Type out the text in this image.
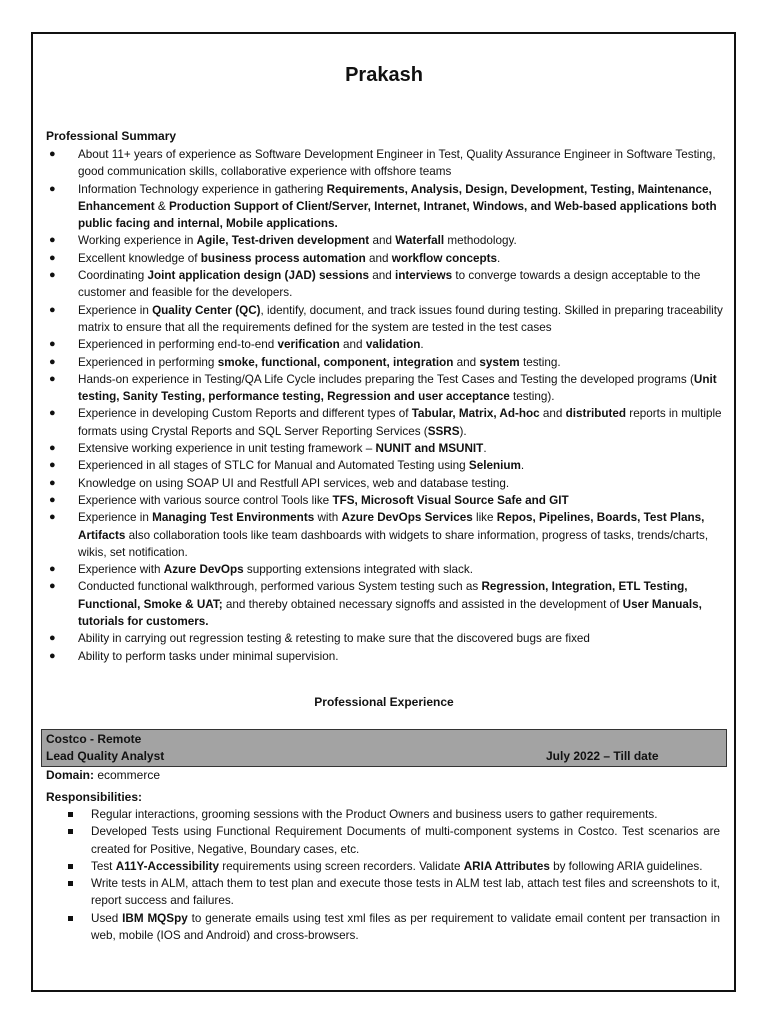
Prakash
Professional Summary
● About 11+ years of experience as Software Development Engineer in Test, Quality Assurance Engineer in Software Testing, good communication skills, collaborative experience with offshore teams
● Information Technology experience in gathering Requirements, Analysis, Design, Development, Testing, Maintenance, Enhancement & Production Support of Client/Server, Internet, Intranet, Windows, and Web-based applications both public facing and internal, Mobile applications.
● Working experience in Agile, Test-driven development and Waterfall methodology.
● Excellent knowledge of business process automation and workflow concepts.
● Coordinating Joint application design (JAD) sessions and interviews to converge towards a design acceptable to the customer and feasible for the developers.
● Experience in Quality Center (QC), identify, document, and track issues found during testing. Skilled in preparing traceability matrix to ensure that all the requirements defined for the system are tested in the test cases
● Experienced in performing end-to-end verification and validation.
● Experienced in performing smoke, functional, component, integration and system testing.
● Hands-on experience in Testing/QA Life Cycle includes preparing the Test Cases and Testing the developed programs (Unit testing, Sanity Testing, performance testing, Regression and user acceptance testing).
● Experience in developing Custom Reports and different types of Tabular, Matrix, Ad-hoc and distributed reports in multiple formats using Crystal Reports and SQL Server Reporting Services (SSRS).
● Extensive working experience in unit testing framework – NUNIT and MSUNIT.
● Experienced in all stages of STLC for Manual and Automated Testing using Selenium.
● Knowledge on using SOAP UI and Restfull API services, web and database testing.
● Experience with various source control Tools like TFS, Microsoft Visual Source Safe and GIT
● Experience in Managing Test Environments with Azure DevOps Services like Repos, Pipelines, Boards, Test Plans, Artifacts also collaboration tools like team dashboards with widgets to share information, progress of tasks, trends/charts, wikis, set notification.
● Experience with Azure DevOps supporting extensions integrated with slack.
● Conducted functional walkthrough, performed various System testing such as Regression, Integration, ETL Testing, Functional, Smoke & UAT; and thereby obtained necessary signoffs and assisted in the development of User Manuals, tutorials for customers.
● Ability in carrying out regression testing & retesting to make sure that the discovered bugs are fixed
● Ability to perform tasks under minimal supervision.
Professional Experience
Costco - Remote
Lead Quality Analyst	July 2022 – Till date
Domain: ecommerce
Responsibilities:
Regular interactions, grooming sessions with the Product Owners and business users to gather requirements.
Developed Tests using Functional Requirement Documents of multi-component systems in Costco. Test scenarios are created for Positive, Negative, Boundary cases, etc.
Test A11Y-Accessibility requirements using screen recorders. Validate ARIA Attributes by following ARIA guidelines.
Write tests in ALM, attach them to test plan and execute those tests in ALM test lab, attach test files and screenshots to it, report success and failures.
Used IBM MQSpy to generate emails using test xml files as per requirement to validate email content per transaction in web, mobile (IOS and Android) and cross-browsers.
